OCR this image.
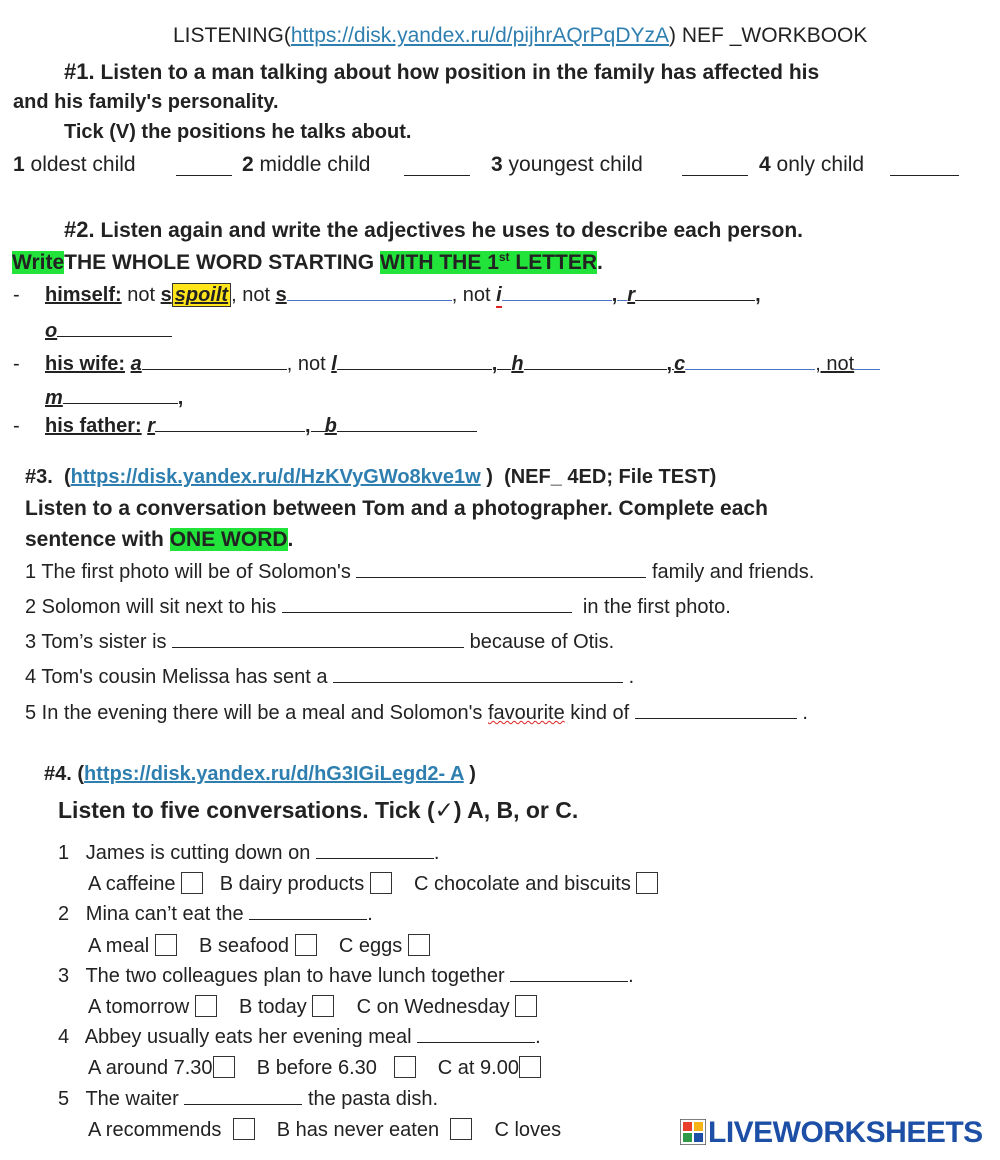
LISTENING(https://disk.yandex.ru/d/pijhrAQrPqDYzA) NEF _WORKBOOK
#1. Listen to a man talking about how position in the family has affected his
and his family's personality.
Tick (V) the positions he talks about.
1 oldest child	2 middle child	3 youngest child	4 only child
#2. Listen again and write the adjectives he uses to describe each person.
WriteTHE WHOLE WORD STARTING WITH THE 1st LETTER.
- himself: not s spoilt , not s	, not i	, r	,
o
- his wife: a	, not l	, h	, c	, not
m	,
- his father: r	, b
#3. (https://disk.yandex.ru/d/HzKVyGWo8kve1w ) (NEF_ 4ED; File TEST)
Listen to a conversation between Tom and a photographer. Complete each
sentence with ONE WORD.
1 The first photo will be of Solomon's	family and friends.
2 Solomon will sit next to his	in the first photo.
3 Tom’s sister is	because of Otis.
4 Tom's cousin Melissa has sent a	.
5 In the evening there will be a meal and Solomon's favourite kind of	.
#4. (https://disk.yandex.ru/d/hG3IGiLegd2- A )
Listen to five conversations. Tick (✓) A, B, or C.
1 James is cutting down on	.
A caffeine B dairy products C chocolate and biscuits
2 Mina can’t eat the	.
A meal B seafood C eggs
3 The two colleagues plan to have lunch together	.
A tomorrow B today C on Wednesday
4 Abbey usually eats her evening meal	.
A around 7.30 B before 6.30	C at 9.00
5 The waiter	the pasta dish.
A recommends	B has never eaten	C loves	LIVEWORKSHEETS
